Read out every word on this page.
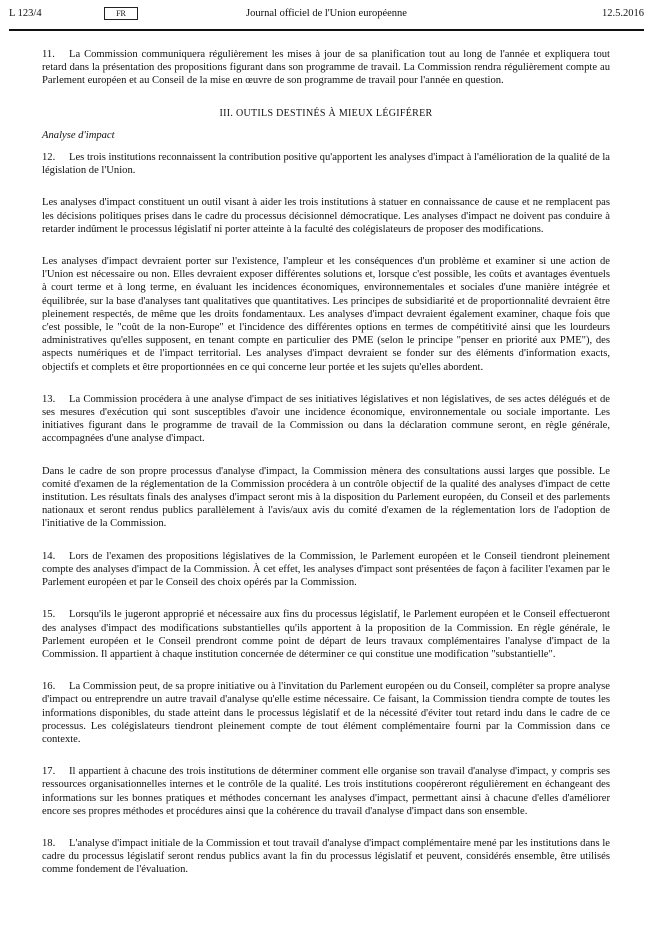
L 123/4	FR	Journal officiel de l'Union européenne	12.5.2016

11. La Commission communiquera régulièrement les mises à jour de sa planification tout au long de l'année et expliquera tout retard dans la présentation des propositions figurant dans son programme de travail. La Commission rendra régulièrement compte au Parlement européen et au Conseil de la mise en œuvre de son programme de travail pour l'année en question.

III. OUTILS DESTINÉS À MIEUX LÉGIFÉRER
Analyse d'impact

12. Les trois institutions reconnaissent la contribution positive qu'apportent les analyses d'impact à l'amélioration de la qualité de la législation de l'Union.

Les analyses d'impact constituent un outil visant à aider les trois institutions à statuer en connaissance de cause et ne remplacent pas les décisions politiques prises dans le cadre du processus décisionnel démocratique. Les analyses d'impact ne doivent pas conduire à retarder indûment le processus législatif ni porter atteinte à la faculté des colégislateurs de proposer des modifications.

Les analyses d'impact devraient porter sur l'existence, l'ampleur et les conséquences d'un problème et examiner si une action de l'Union est nécessaire ou non. Elles devraient exposer différentes solutions et, lorsque c'est possible, les coûts et avantages éventuels à court terme et à long terme, en évaluant les incidences économiques, environnementales et sociales d'une manière intégrée et équilibrée, sur la base d'analyses tant qualitatives que quantitatives. Les principes de subsidiarité et de proportionnalité devraient être pleinement respectés, de même que les droits fondamentaux. Les analyses d'impact devraient également examiner, chaque fois que c'est possible, le "coût de la non-Europe" et l'incidence des différentes options en termes de compétitivité ainsi que les lourdeurs administratives qu'elles supposent, en tenant compte en particulier des PME (selon le principe "penser en priorité aux PME"), des aspects numériques et de l'impact territorial. Les analyses d'impact devraient se fonder sur des éléments d'information exacts, objectifs et complets et être proportionnées en ce qui concerne leur portée et les sujets qu'elles abordent.

13. La Commission procédera à une analyse d'impact de ses initiatives législatives et non législatives, de ses actes délégués et de ses mesures d'exécution qui sont susceptibles d'avoir une incidence économique, environnementale ou sociale importante. Les initiatives figurant dans le programme de travail de la Commission ou dans la déclaration commune seront, en règle générale, accompagnées d'une analyse d'impact.

Dans le cadre de son propre processus d'analyse d'impact, la Commission mènera des consultations aussi larges que possible. Le comité d'examen de la réglementation de la Commission procédera à un contrôle objectif de la qualité des analyses d'impact de cette institution. Les résultats finals des analyses d'impact seront mis à la disposition du Parlement européen, du Conseil et des parlements nationaux et seront rendus publics parallèlement à l'avis/aux avis du comité d'examen de la réglementation lors de l'adoption de l'initiative de la Commission.

14. Lors de l'examen des propositions législatives de la Commission, le Parlement européen et le Conseil tiendront pleinement compte des analyses d'impact de la Commission. À cet effet, les analyses d'impact sont présentées de façon à faciliter l'examen par le Parlement européen et par le Conseil des choix opérés par la Commission.

15. Lorsqu'ils le jugeront approprié et nécessaire aux fins du processus législatif, le Parlement européen et le Conseil effectueront des analyses d'impact des modifications substantielles qu'ils apportent à la proposition de la Commission. En règle générale, le Parlement européen et le Conseil prendront comme point de départ de leurs travaux complémentaires l'analyse d'impact de la Commission. Il appartient à chaque institution concernée de déterminer ce qui constitue une modification "substantielle".

16. La Commission peut, de sa propre initiative ou à l'invitation du Parlement européen ou du Conseil, compléter sa propre analyse d'impact ou entreprendre un autre travail d'analyse qu'elle estime nécessaire. Ce faisant, la Commission tiendra compte de toutes les informations disponibles, du stade atteint dans le processus législatif et de la nécessité d'éviter tout retard indu dans le cadre de ce processus. Les colégislateurs tiendront pleinement compte de tout élément complémentaire fourni par la Commission dans ce contexte.

17. Il appartient à chacune des trois institutions de déterminer comment elle organise son travail d'analyse d'impact, y compris ses ressources organisationnelles internes et le contrôle de la qualité. Les trois institutions coopéreront régulièrement en échangeant des informations sur les bonnes pratiques et méthodes concernant les analyses d'impact, permettant ainsi à chacune d'elles d'améliorer encore ses propres méthodes et procédures ainsi que la cohérence du travail d'analyse d'impact dans son ensemble.

18. L'analyse d'impact initiale de la Commission et tout travail d'analyse d'impact complémentaire mené par les institutions dans le cadre du processus législatif seront rendus publics avant la fin du processus législatif et peuvent, considérés ensemble, être utilisés comme fondement de l'évaluation.
